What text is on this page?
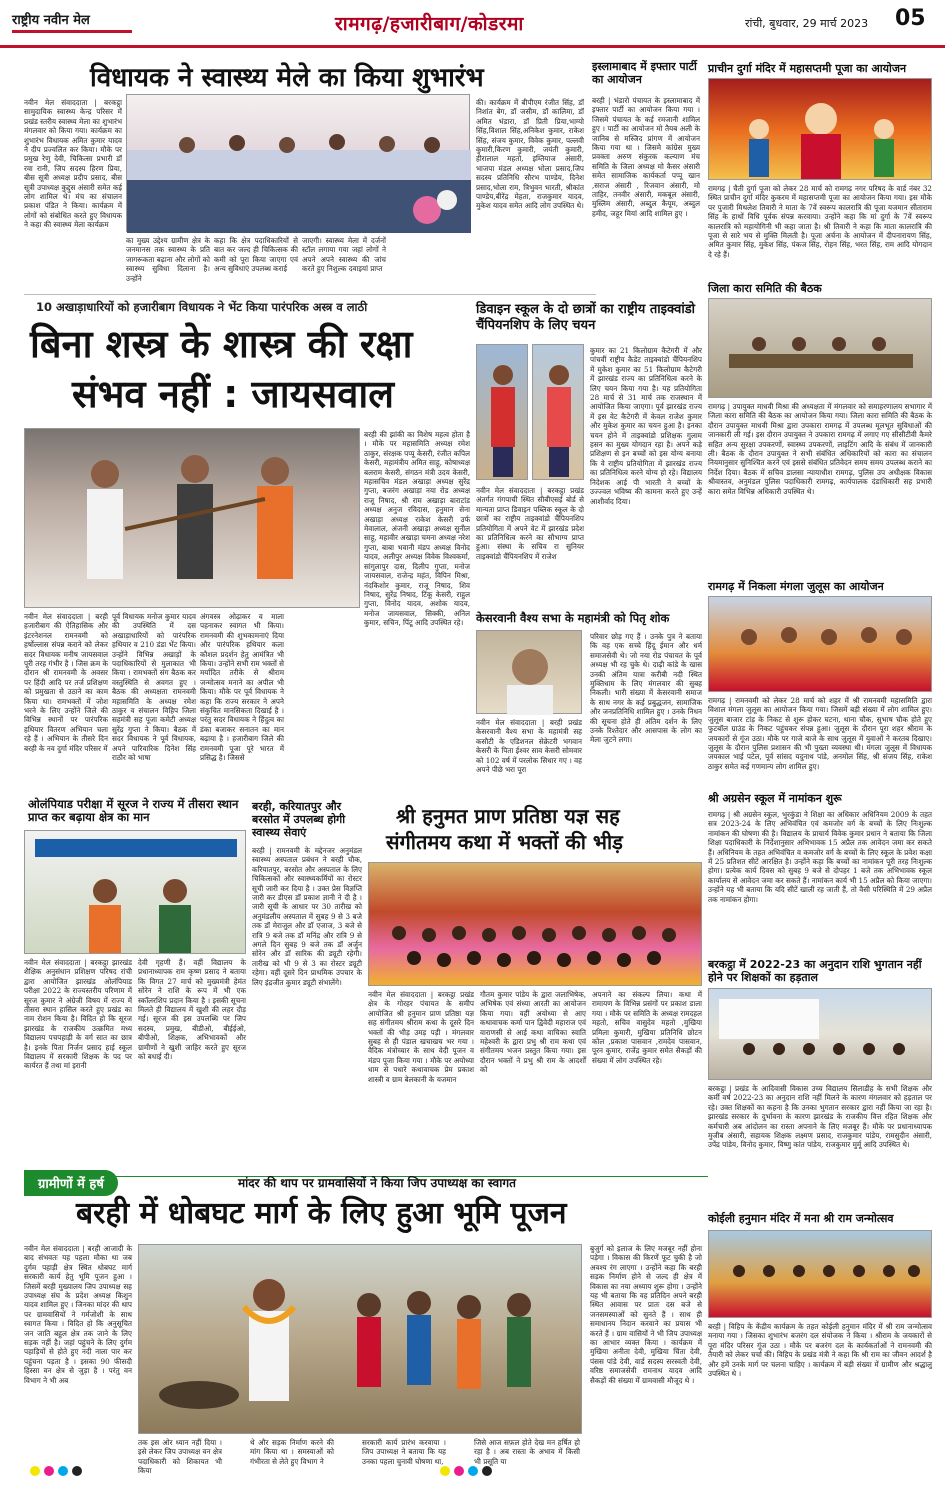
राष्ट्रीय नवीन मेल	रामगढ़/हजारीबाग/कोडरमा	रांची, बुधवार, 29 मार्च 2023 05
विधायक ने स्वास्थ्य मेले का किया शुभारंभ
नवीन मेल संवाददाता | बरकट्ठा सामुदायिक स्वास्थ्य केन्द्र परिसर में प्रखंड स्तरीय स्वास्थ्य मेला का शुभारंभ मंगलवार को किया गया। कार्यक्रम का शुभारंभ विधायक अमित कुमार यादव ने दीप प्रज्वलित कर किया। मौके पर प्रमुख रेणु देवी, चिकित्सा प्रभारी डॉ रवा रानी, जिप सदस्य हिरण प्रिया, बीस सूत्री अध्यक्ष प्रदीप प्रसाद, बीस सूत्री उपाध्यक्ष कुद्दुस अंसारी समेत कई लोग शामिल थे। मंच का संचालन प्रकाश पंडित ने किया। कार्यक्रम में लोगों को संबोधित करते हुए विधायक ने कहा की स्वास्थ्य मेला कार्यक्रम
का मुख्य उद्देश्य ग्रामीण क्षेत्र के जनमानस तक स्वास्थ्य के प्रति जागरूकता बढ़ाना और लोगों को स्वास्थ्य सुविधा दिलाना है। उन्होंने
कहा कि क्षेत्र पदाधिकारियों से बात कर जल्द ही चिकित्सक की कमी को पूरा किया जाएगा एवं अन्य सुविधाएं उपलब्ध कराई
जाएगी। स्वास्थ्य मेला में दर्जनों स्टॉल लगाया गया जहां लोगों ने अपने अपने स्वास्थ्य की जांच करते हुए निशुल्क दवाइयां प्राप्त
की। कार्यक्रम में बीपीएम रंजीत सिंह, डॉ निशांत बेग, डॉ जसीम, डॉ कालिमा, डॉ अमित भंडारा, डॉ प्रिती प्रिया,भाग्यो सिंह,विशाल सिंह,अनिकेश कुमार, राकेश सिंह, संजय कुमार, विवेक कुमार, पल्लवी कुमारी,किरण कुमारी, जयंती कुमारी, हीरालाल महतो, इम्तियाज अंसारी, भाजपा मंडल अध्यक्ष भोला प्रसाद,जिप सदस्य प्रतिनिधि सौरभ पाण्डेय, दिनेश प्रसाद,भोला राम, त्रिभुवन भारती, श्रीकांत पाण्डेय,बीरेंद्र मेहता, राजकुमार यादव, मुकेश यादव समेत आदि लोग उपस्थित थे।
इस्लामाबाद में इफ्तार पार्टी का आयोजन
बरही | भंडारो पंचायत के इस्लामाबाद में इफ्तार पार्टी का आयोजन किया गया । जिसमे पंचायत के कई रमजानी शामिल हुए । पार्टी का आयोजन मो तैयब अली के जानिब से मस्जिद प्रांगण में आयोजन किया गया था । जिसमे कांग्रेस मुख्य प्रवक्ता अरुण संकुरक कल्याण मंच समिति के जिला अध्यक्ष मो कैसर अंसारी समेत सामाजिक कार्यकर्ता पप्पू खान ,सराज अंसारी , रिजवान अंसारी, मो ताहिर, तनवीर अंसारी, मकबूल अंसारी, मुस्लिम अंसारी, अब्दुल कैयूम, अब्दुल हमीद, जहूर मियां आदि शामिल हुए ।
प्राचीन दुर्गा मंदिर में महासप्तमी पूजा का आयोजन
रामगढ़ | चैती दुर्गा पूजा को लेकर 28 मार्च को रामगढ़ नगर परिषद के वार्ड नंबर 32 स्थित प्राचीन दुर्गा मंदिर कुकरम में महासप्तमी पूजा का आयोजन किया गया। इस मौके पर पुजारी मिथलेश तिवारी ने माता के 7वें स्वरूप कालरात्रि की पूजा यजमान सीताराम सिंह के हाथों विधि पूर्वक संपन्न करवाया। उन्होंने कहा कि मां दुर्गा के 7वें स्वरूप कालरात्रि को महायोगिनी भी कहा जाता है। श्री तिवारी ने कहा कि माता कालरात्रि की पूजा से सारे भय से मुक्ति मिलती है। पूजा अर्चना के आयोजन में दीपनारायण सिंह, अमित कुमार सिंह, मुकेश सिंह, पंकज सिंह, रोहन सिंह, भरत सिंह, राम आदि योगदान दे रहे हैं।
10 अखाड़ाधारियों को हजारीबाग विधायक ने भेंट किया पारंपरिक अस्त्र व लाठी
बिना शस्त्र के शास्त्र की रक्षा
संभव नहीं : जायसवाल
नवीन मेल संवाददाता | बरही हजारीबाग की ऐतिहासिक और इंटरनेशनल रामनवमी को हर्षोल्लास संपन्न कराने को लेकर सदर विधायक मनीष जायसवाल पूरी तरह गंभीर है । जिस क्रम के दौरान श्री रामनवमी के अवसर पर हिंदी आदि पर तर्ज प्रशिक्षण को प्रमुखता से उठाने का काम किया था। रामभक्तों में जोश भरने के लिए उन्होंने जिले की विभिन्न स्थानों पर पारंपरिक हथियार वितरण अभियान चला रहे हैं । अभियान के तीसरे दिन बरही के नव दुर्गा मंदिर परिसर में
पूर्व विधायक मनोज कुमार यादव की उपस्थिति में दस अखाड़ाधारियों को पारंपरिक हथियार व 210 डंडा भेंट किया। उन्होंने विभिन्न अखाड़ों के पदाधिकारियों से मुलाकात भी किया । रामभक्तों संग बैठक कर वस्तुस्थिति से अवगत हुए । बैठक की अध्यक्षता रामनवमी महासमिति के अध्यक्ष रमेश ठाकुर व संचालन विहिप जिला सहमंत्री सह पूजा कमेटी अध्यक्ष सुरेंद्र गुप्ता ने किया। बैठक में सदर विधायक ने पूर्व विधायक, अपने पारिवारिक दिनेश सिंह राठौर को भाषा
अंगवस्त्र ओढ़ाकर व माला पहनाकर स्वागत भी किया। रामनवमी की शुभकामनाएं दिया और पारंपरिक हथियार कला कौशल प्रदर्शन हेतु आमंत्रित भी किया। उन्होंने सभी राम भक्तों से मर्यादित तरीके से श्रीराम जन्मोत्सव मनाने का अपील भी किया। मौके पर पूर्व विधायक ने कहा कि राज्य सरकार ने अपने संकुचित मानसिकता दिखाई है । परंतु सदर विधायक ने हिंदुत्व का डंका बजाकर सनातन का मान बढ़ाया है । हजारीबाग जिले की रामनवमी पूजा पूरे भारत में प्रसिद्ध है। जिससे
बरही की झांकी का विशेष महत्व होता है । मौके पर महासमिति अध्यक्ष रमेश ठाकुर, संरक्षक पप्पू केसरी, रंजीत कपिल केसरी, महामंत्रीय अमित साहू, कोषाध्यक्ष बलराम केसरी, संगठन मंत्री उदय केसरी, महासचिव मंडल अखाड़ा अध्यक्ष सुरेंद्र गुप्ता, बजरंग अखाड़ा नया रोड अध्यक्ष राजू निषाद, श्री राम अखाड़ा बाराटांड अध्यक्ष अनुज रविदास, हनुमान सेना अखाड़ा अध्यक्ष राकेश केसरी उर्फ मेवालाल, अंजनी अखाड़ा अध्यक्ष सुनील साहू, महावीर अखाड़ा चमना अध्यक्ष नरेश गुप्ता, बाबा भवानी मंडप अध्यक्ष विनोद यादव, अलीपुर अध्यक्ष विवेक विश्वकर्मा, सांगुलापुर दास, दिलीप गुप्ता, मनोज जायसवाल, राजेन्द्र महंत, विपिन मिश्रा, नंदकिशोर कुमार, राजू निषाद, शिव निषाद, सुरेंद्र निषाद, टिंकू केसरी, राहुल गुप्ता, विनोद यादव, अशोक यादव, मनोज जायसवाल, सिक्की, अनिल कुमार, सचिन, पिंटू आदि उपस्थित रहे।
डिवाइन स्कूल के दो छात्रों का राष्ट्रीय ताइक्वांडो चैंपियनशिप के लिए चयन
नवीन मेल संवाददाता | बरकट्ठा प्रखंड अंतर्गत गंगपाची स्थित सीबीएसई बोर्ड से मान्यता प्राप्त डिवाइन पब्लिक स्कूल के दो छात्रों का राष्ट्रीय ताइक्वांडो चैंपियनशिप प्रतियोगिता में अपने वेट में झारखंड प्रदेश का प्रतिनिधित्व करने का सौभाग्य प्राप्त हुआ। संस्था के सचिव रा सुनियर ताइक्वांडो चैंपियनशिप में राजेश
कुमार का 21 किलोग्राम कैटेगरी में और पांचवीं राष्ट्रीय कैडेट ताइक्वांडो चैंपियनशिप में मुकेश कुमार का 51 किलोग्राम कैटेगरी में झारखंड राज्य का प्रतिनिधित्व करने के लिए चयन किया गया है। यह प्रतियोगिता 28 मार्च से 31 मार्च तक राजस्थान में आयोजित किया जाएगा। पूर्व झारखंड राज्य में इस वेट कैटेगरी में केवल राजेश कुमार और मुकेश कुमार का चयन हुआ है। इनका चयन होने में ताइक्वांडो प्रशिक्षक गुलाम हसन का मुख्य योगदान रहा है। अपने कड़े प्रशिक्षण से इन बच्चों को इस योग्य बनाया कि वे राष्ट्रीय प्रतियोगिता में झारखंड राज्य का प्रतिनिधित्व करने योग्य हो रहे। विद्यालय निदेशक आई पी भारती ने बच्चों के उज्ज्वल भविष्य की कामना करते हुए उन्हें आशीर्वाद दिया।
केसरवानी वैश्य सभा के महामंत्री को पितृ शोक
नवीन मेल संवाददाता | बरही प्रखंड केसरवानी वैश्य सभा के महामंत्री सह कसौटी के एडिशनल सेक्रेटरी भगवान केसरी के पिता ईश्वर साव केसरी सोमवार को 102 वर्ष में परलोक सिधार गए । वह अपने पीछे भरा पूरा
परिवार छोड़ गए हैं । उनके पुत्र ने बताया कि वह एक सच्चे हिंदू ईमान और धर्म समाजसेवी थे। जो नया रोड पंचायत के पूर्व अध्यक्ष भी रह चुके थे। दाढ़ी कांडे के खास उनकी अंतिम यात्रा करीबी नदी स्थित मुक्तिधाम के लिए मंगलवार की सुबह निकली। भारी संख्या में केसरवानी समाज के साथ नगर के कई प्रबुद्धजन, सामाजिक और जनप्रतिनिधि शामिल हुए । उनके निधन की सूचना होते ही अंतिम दर्शन के लिए उनके रिश्तेदार और आसपास के लोग का मेला जुटने लगा।
जिला कारा समिति की बैठक
रामगढ़ | उपायुक्त माधवी मिश्रा की अध्यक्षता में मंगलवार को समाहरणालय सभागार में जिला कारा समिति की बैठक का आयोजन किया गया। जिला कारा समिति की बैठक के दौरान उपायुक्त माधवी मिश्रा द्वारा उपकारा रामगढ़ में उपलब्ध मूलभूत सुविधाओं की जानकारी ली गई। इस दौरान उपायुक्त ने उपकारा रामगढ़ में लगाए गए सीसीटीवी कैमरे सहित अन्य सुरक्षा उपकरणों, स्वास्थ्य उपकरणों, लाइटिंग आदि के संबंध में जानकारी ली। बैठक के दौरान उपायुक्त ने सभी संबंधित अधिकारियों को कारा का संचालन नियमानुसार सुनिश्चित करने एवं इससे संबंधित प्रतिवेदन समय समय उपलब्ध कराने का निर्देश दिया। बैठक में सचिव डालसा न्यायाधीश रामगढ़, पुलिस उप अधीक्षक विकास श्रीवास्तव, अनुमंडल पुलिस पदाधिकारी रामगढ़, कार्यपालक दंडाधिकारी सह प्रभारी कारा समेत विभिन्न अधिकारी उपस्थित थे।
रामगढ़ में निकला मंगला जुलूस का आयोजन
रामगढ़ | रामनवमी को लेकर 28 मार्च को शहर में श्री रामनवमी महासमिति द्वारा विशाल मंगला जुलूस का आयोजन किया गया। जिसमें बड़ी संख्या में लोग शामिल हुए। जुलूस बाजार टांड़ के निकट से शुरू होकर घटना, थाना चौक, सुभाष चौक होते हुए फुटबॉल ग्राउंड के निकट पहुंचकर संपन्न हुआ। जुलूस के दौरान पूरा शहर श्रीराम के जयकारों से गूंज उठा। मौके पर गाजे बाजे के साथ जुलूस में युवाओं ने करतब दिखाए। जुलूस के दौरान पुलिस प्रशासन की भी पुख्ता व्यवस्था थी। मंगला जुलूस में विधायक जयकाल भाई पटेल, पूर्व सांसद यदुनाथ पांडे, अनमोल सिंह, श्री संजय सिंह, राकेश ठाकुर समेत कई गणमान्य लोग शामिल हुए।
श्री अग्रसेन स्कूल में नामांकन शुरू
रामगढ़ | श्री अग्रसेन स्कूल, भुरकुंडा ने शिक्षा का अधिकार अधिनियम 2009 के तहत सत्र 2023-24 के लिए अभिवंचित एवं कमजोर वर्ग के बच्चों के लिए निःशुल्क नामांकन की घोषणा की है। विद्यालय के प्राचार्य विवेक कुमार प्रधान ने बताया कि जिला शिक्षा पदाधिकारी के निर्देशानुसार अभिभावक 15 अप्रैल तक आवेदन जमा कर सकते हैं। अधिनियम के तहत अभिवंचित व कमजोर वर्ग के बच्चों के लिए स्कूल के प्रवेश कक्षा में 25 प्रतिशत सीटें आरक्षित है। उन्होंने कहा कि बच्चों का नामांकन पूरी तरह निःशुल्क होगा। प्रत्येक कार्य दिवस को सुबह 9 बजे से दोपहर 1 बजे तक अभिभावक स्कूल कार्यालय से आवेदन जमा कर सकते हैं। नामांकन कार्य भी 15 अप्रैल को किया जाएगा। उन्होंने यह भी बताया कि यदि सीटें खाली रह जाती हैं, तो वैसी परिस्थिति में 29 अप्रैल तक नामांकन होगा।
ओलंपियाड परीक्षा में सूरज ने राज्य में तीसरा स्थान प्राप्त कर बढ़ाया क्षेत्र का मान
नवीन मेल संवाददाता | बरकट्ठा झारखंड शैक्षिक अनुसंधान प्रशिक्षण परिषद रांची द्वारा आयोजित झारखंड ओलंपियाड परीक्षा 2022 के राज्यस्तरीय परिणाम में सूरज कुमार ने अंग्रेजी विषय में राज्य में तीसरा स्थान हासिल करते हुए प्रखंड का नाम रोशन किया है। विदित हो कि सूरज झारखंड के राजकीय उत्क्रमित मध्य विद्यालय पचपहाड़ी के वर्ग सात का छात्र है। इनके पिता निर्जन प्रसाद हाई स्कूल विद्यालय में सरकारी शिक्षक के पद पर कार्यरत हैं तथा मां इरानी
देवी गृहणी हैं। वहीं विद्यालय के प्रधानाध्यापक राम कृष्ण प्रसाद ने बताया कि विगत 27 मार्च को मुख्यमंत्री हेमंत सोरेन ने राशि के रूप में भी एक स्कॉलरशिप प्रदान किया है । इसकी सूचना मिलते ही विद्यालय में खुशी की लहर दौड़ गई। सूरज की इस उपलब्धि पर जिप सदस्य, प्रमुख, बीडीओ, बीईईओ, बीपीओ, शिक्षक, अभिभावकों और ग्रामीणों ने खुशी जाहिर करते हुए सूरज को बधाई दी।
बरही, करियातपुर और बरसोत में उपलब्ध होगी स्वास्थ्य सेवाएं
बरही | रामनवमी के मद्देनजर अनुमंडल स्वास्थ्य अस्पताल प्रबंधन ने बरही चौक, करियातपुर, बरसोत और अस्पताल के लिए चिकित्सकों और स्वास्थ्यकर्मियों का रोस्टर सूची जारी कर दिया है । उक्त प्रेस विज्ञप्ति जारी कर डीएस डॉ प्रकाश ज्ञानी ने दी है । जारी सूची के आधार पर 30 तारीख को अनुमंडलीय अस्पताल में सुबह 9 से 3 बजे तक डॉ मेराजुल और डॉ एजाज, 3 बजे से रात्रि 9 बजे तक डॉ मनिंद्र और रात्रि 9 से अगले दिन सुबह 9 बजे तक डॉ अर्जुन सोरेन और डॉ सारिक की ड्यूटी रहेगी। तारीख को भी 9 से 3 का रोस्टर ड्यूटी रहेगा। वहीं दूसरे दिन प्राथमिक उपचार के लिए इंद्रजीत कुमार ड्यूटी संभालेंगे।
श्री हनुमत प्राण प्रतिष्ठा यज्ञ सह
संगीतमय कथा में भक्तों की भीड़
नवीन मेल संवाददाता | बरकट्ठा प्रखंड क्षेत्र के गोरहर पंचायत के समीप आयोजित श्री हनुमान प्राण प्रतिष्ठा यज्ञ सह संगीतमय श्रीराम कथा के दूसरे दिन भक्तों की भीड़ उमड़ पड़ी । मंगलवार सुबह से ही पंडाल खचाखच भर गया । वैदिक मंत्रोच्चार के साथ वेदी पूजन व मंडप पूजा किया गया । मौके पर अयोध्या धाम से पधारे कथावाचक प्रेम प्रकाश शास्त्री व ग्राम बेलकानी के यजमान
गौतम कुमार पांडेय के द्वारा जलाभिषेक, अभिषेक एवं संध्या आरती का आयोजन किया गया। वहीं अयोध्या से आए कथावाचक कर्मा पान द्विवेदी महाराज एवं वाराणसी से आई कथा वाचिका स्वाति महेश्वरी के द्वारा प्रभु श्री राम कथा एवं संगीतमय भजन प्रस्तुत किया गया। इस दौरान भक्तों ने प्रभु श्री राम के आदर्शों को
अपनाने का संकल्प लिया। कथा में रामायण के विभिन्न प्रसंगों पर प्रकाश डाला गया । मौके पर समिति के अध्यक्ष रामदहल महतो, सचिव वासुदेव महतो ,मुखिया प्रमिला कुमारी, मुखिया प्रतिनिधि छोटन कोल ,प्रकाश पासवान ,रामदेव पासवान, पूरन कुमार, राजेंद्र कुमार समेत सैकड़ों की संख्या में लोग उपस्थित रहे।
बरकट्ठा में 2022-23 का अनुदान राशि भुगतान नहीं होने पर शिक्षकों का हड़ताल
बरकट्ठा | प्रखंड के आदिवासी विकास उच्च विद्यालय सिलाडीह के सभी शिक्षक और कर्मी वर्ष 2022-23 का अनुदान राशि नहीं मिलने के कारण मंगलवार को हड़ताल पर रहे। उक्त शिक्षकों का कहना है कि उनका भुगतान सरकार द्वारा नहीं किया जा रहा है। झारखंड सरकार के दुर्भावना के कारण झारखंड के राजकीय वित्त रहित शिक्षक और कर्मचारी अब आंदोलन का रास्ता अपनाने के लिए मजबूर हैं। मौके पर प्रधानाध्यापक मुजीब अंसारी, सहायक शिक्षक लक्ष्मण प्रसाद, राजकुमार पांडेय, रामसुदीन अंसारी, उपेंद्र पांडेय, विनोद कुमार, विष्णु कांत पांडेय, राजकुमार मुर्मू आदि उपस्थित थे।
ग्रामीणों में हर्ष	मांदर की थाप पर ग्रामवासियों ने किया जिप उपाध्यक्ष का स्वागत
बरही में धोबघट मार्ग के लिए हुआ भूमि पूजन
नवीन मेल संवाददाता | बरही आजादी के बाद संभवतः यह पहला मौका था जब दुर्गम पहाड़ी क्षेत्र स्थित धोबघट मार्ग सरकारी कार्य हेतु भूमि पूजन हुआ । जिसमें बरही मुख्यालय जिप उपाध्यक्ष सह उपाध्यक्ष संघ के प्रदेश अध्यक्ष किशुन यादव शामिल हुए । जिनका मांदर की थाप पर ग्रामवासियों ने गर्मजोशी के साथ स्वागत किया । विदित हो कि अनुसूचित जन जाति बहुल क्षेत्र तक जाने के लिए सड़क नहीं है। जहां पहुंचने के लिए दुर्गम पहाड़ियों से होते हुए नदी नाला पार कर पहुंचना पड़ता है । इसका 90 फीसदी हिस्सा वन क्षेत्र से जुड़ा है । परंतु वन विभाग ने भी अब
तक इस ओर ध्यान नहीं दिया । इसे लेकर जिप उपाध्यक्ष वन क्षेत्र पदाधिकारी को शिकायत भी किया
थे और सड़क निर्माण करने की मांग किया था । समस्याओं को गंभीरता से लेते हुए विभाग ने
सरकारी कार्य प्रारंभ करवाया । जिप उपाध्यक्ष ने बताया कि यह उनका पहला चुनावी घोषणा था,
जिसे आज सफ़ल होते देख मन हर्षित हो रहा है । अब रास्ता के अभाव में किसी भी प्रसूति या
बुजुर्ग को इलाज के लिए मजबूर नहीं होना पड़ेगा । विकास की किरणें फूट चुकी है जो अवश्य रंग लाएगा । उन्होंने कहा कि बरही सड़क निर्माण होने से जल्द ही क्षेत्र में विकास का नया अध्याय शुरू होगा । उन्होंने यह भी बताया कि वह प्रतिदिन अपने बरही स्थित आवास पर प्रातः दस बजे से जनसमस्याओं को सुनते हैं । साथ ही समाधानय निदान करवाने का प्रयास भी करते हैं । ग्राम वासियों ने भी जिप उपाध्यक्ष का आभार व्यक्त किया । कार्यक्रम में मुखिया अनीता देवी, मुखिया चिंता देवी, पंसस पांडे देवी, वार्ड सदस्य सरस्वती देवी, वरिष्ठ समाजसेवी रामनाथ यादव आदि सैकड़ों की संख्या में ग्रामवासी मौजूद थे ।
कोईली हनुमान मंदिर में मना श्री राम जन्मोत्सव
बरही | विहिप के केंद्रीय कार्यक्रम के तहत कोईली हनुमान मंदिर में श्री राम जन्मोत्सव मनाया गया । जिसका शुभारंभ बजरंग दल संयोजक ने किया । श्रीराम के जयकारों से पूरा मंदिर परिसर गूंज उठा । मौके पर बजरंग दल के कार्यकर्ताओं ने रामनवमी की तैयारी को लेकर चर्चा की। विहिप के प्रखंड मंत्री ने कहा कि श्री राम का जीवन आदर्श है और हमें उनके मार्ग पर चलना चाहिए । कार्यक्रम में बड़ी संख्या में ग्रामीण और श्रद्धालु उपस्थित थे ।
